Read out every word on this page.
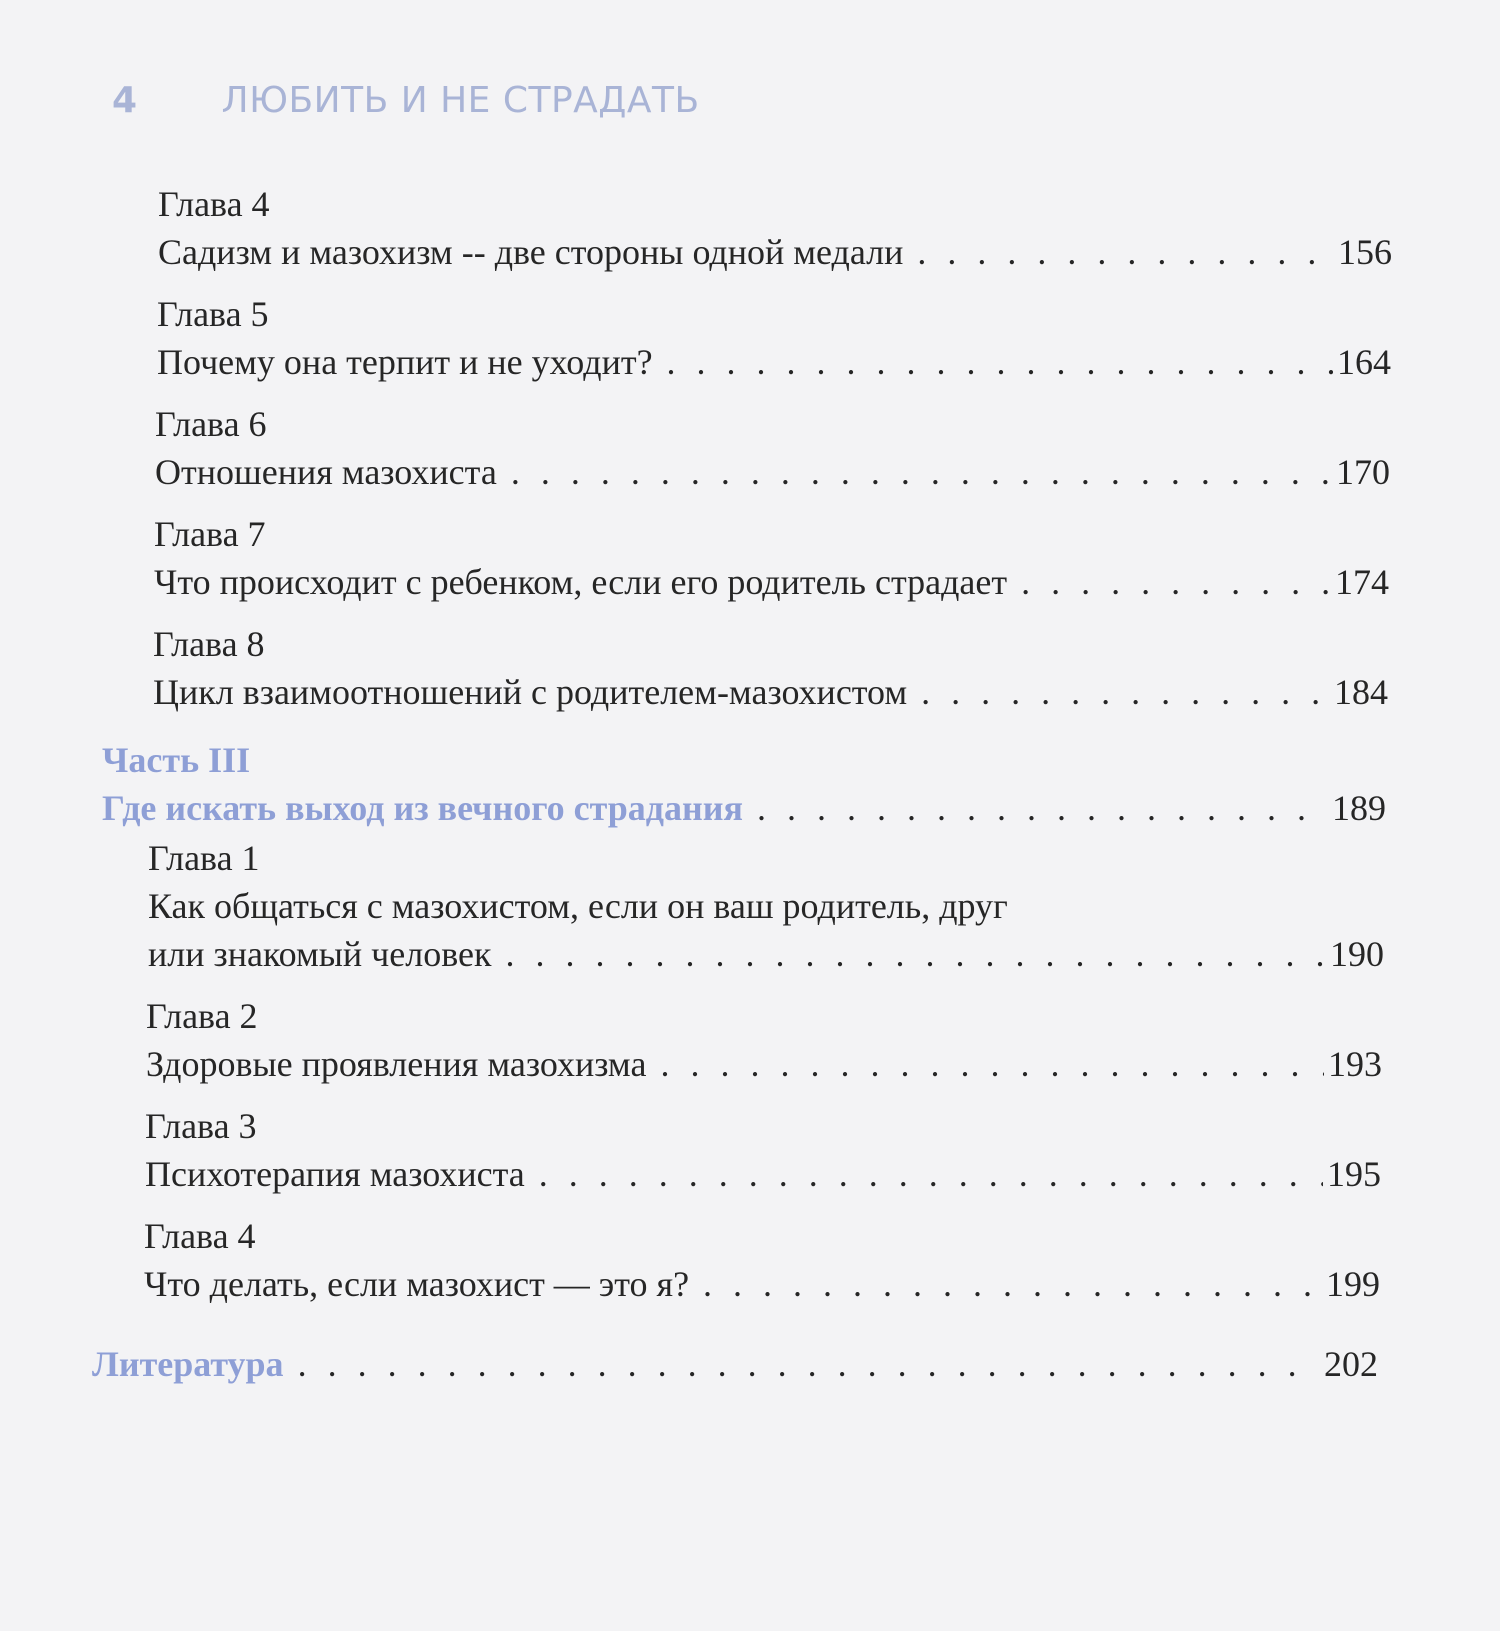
4 ЛЮБИТЬ И НЕ СТРАДАТЬ
Глава 4
Садизм и мазохизм -- две стороны одной медали . . .	156
Глава 5
Почему она терпит и не уходит? . . .	164
Глава 6
Отношения мазохиста . . .	170
Глава 7
Что происходит с ребенком, если его родитель страдает . . .	174
Глава 8
Цикл взаимоотношений с родителем-мазохистом . . .	184
Часть III
Где искать выход из вечного страдания . . .	189
Глава 1
Как общаться с мазохистом, если он ваш родитель, друг
или знакомый человек . . .	190
Глава 2
Здоровые проявления мазохизма . . .	193
Глава 3
Психотерапия мазохиста . . .	195
Глава 4
Что делать, если мазохист — это я? . . .	199
Литература . . .	202
